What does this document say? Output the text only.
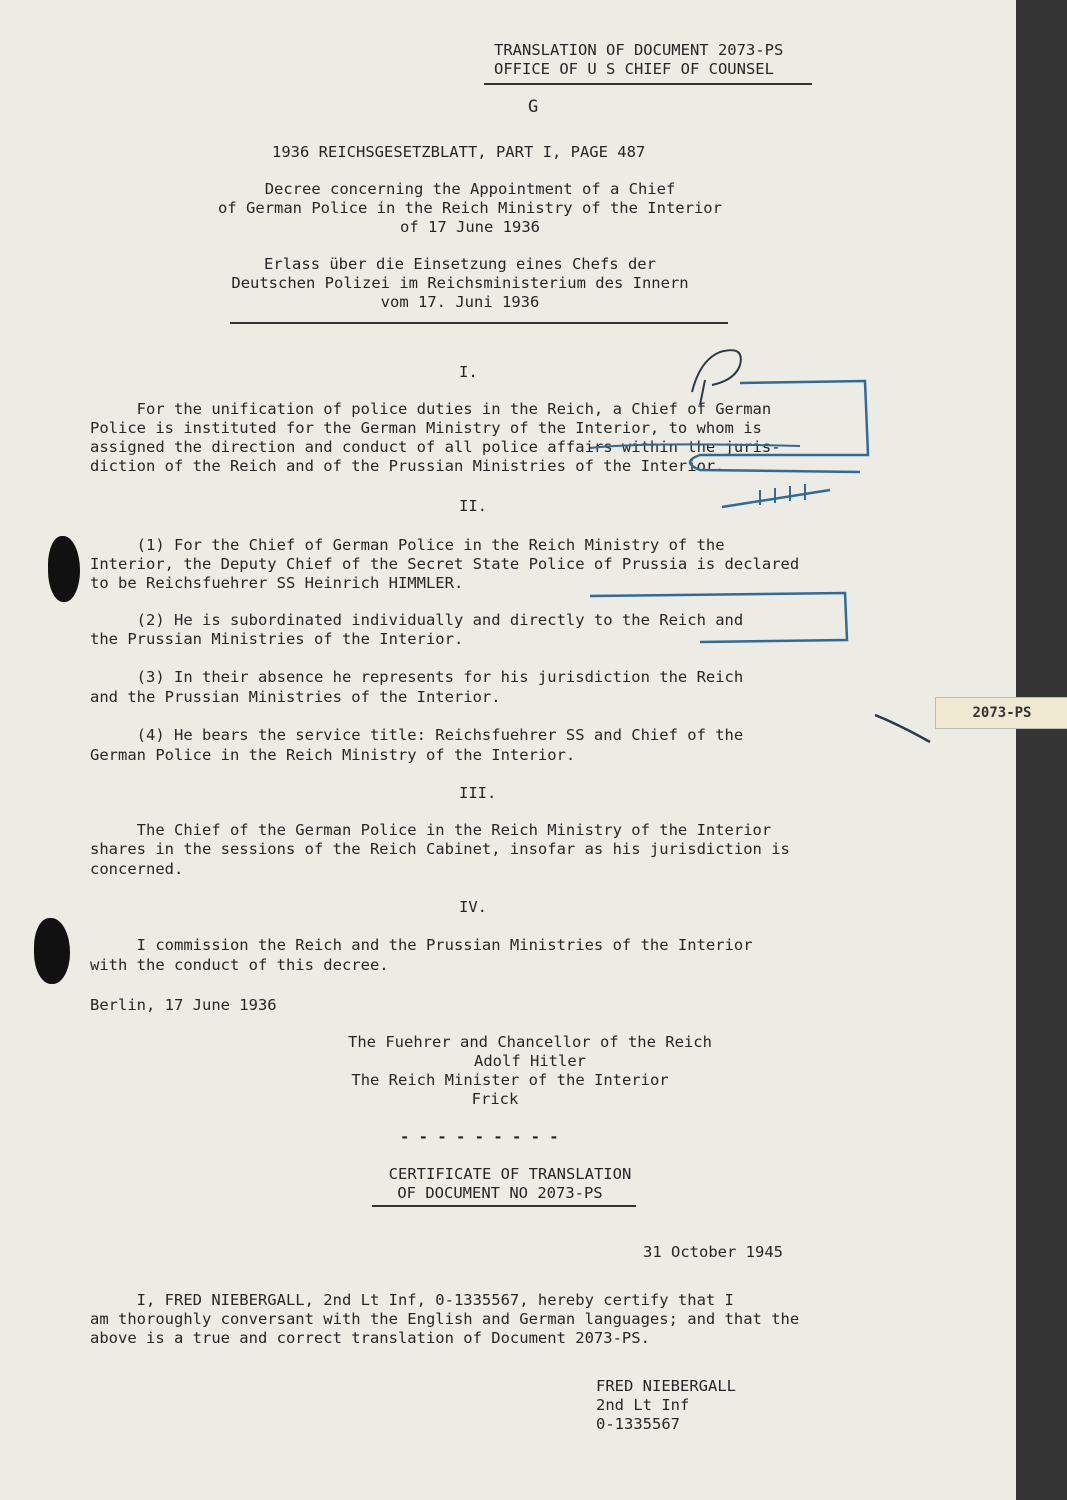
TRANSLATION OF DOCUMENT 2073-PS
OFFICE OF U S CHIEF OF COUNSEL
G
1936 REICHSGESETZBLATT, PART I, PAGE 487
Decree concerning the Appointment of a Chief
of German Police in the Reich Ministry of the Interior
of 17 June 1936
Erlass über die Einsetzung eines Chefs der
Deutschen Polizei im Reichsministerium des Innern
vom 17. Juni 1936
I.
For the unification of police duties in the Reich, a Chief of German
Police is instituted for the German Ministry of the Interior, to whom is
assigned the direction and conduct of all police affairs within the juris-
diction of the Reich and of the Prussian Ministries of the Interior.
II.
(1) For the Chief of German Police in the Reich Ministry of the
Interior, the Deputy Chief of the Secret State Police of Prussia is declared
to be Reichsfuehrer SS Heinrich HIMMLER.
(2) He is subordinated individually and directly to the Reich and
the Prussian Ministries of the Interior.
(3) In their absence he represents for his jurisdiction the Reich
and the Prussian Ministries of the Interior.
(4) He bears the service title: Reichsfuehrer SS and Chief of the
German Police in the Reich Ministry of the Interior.
III.
The Chief of the German Police in the Reich Ministry of the Interior
shares in the sessions of the Reich Cabinet, insofar as his jurisdiction is
concerned.
IV.
I commission the Reich and the Prussian Ministries of the Interior
with the conduct of this decree.
Berlin, 17 June 1936
The Fuehrer and Chancellor of the Reich
Adolf Hitler
The Reich Minister of the Interior
Frick
- - - - - - - - -
CERTIFICATE OF TRANSLATION
OF DOCUMENT NO 2073-PS
31 October 1945
I, FRED NIEBERGALL, 2nd Lt Inf, 0-1335567, hereby certify that I
am thoroughly conversant with the English and German languages; and that the
above is a true and correct translation of Document 2073-PS.
FRED NIEBERGALL
2nd Lt Inf
0-1335567
2073-PS
